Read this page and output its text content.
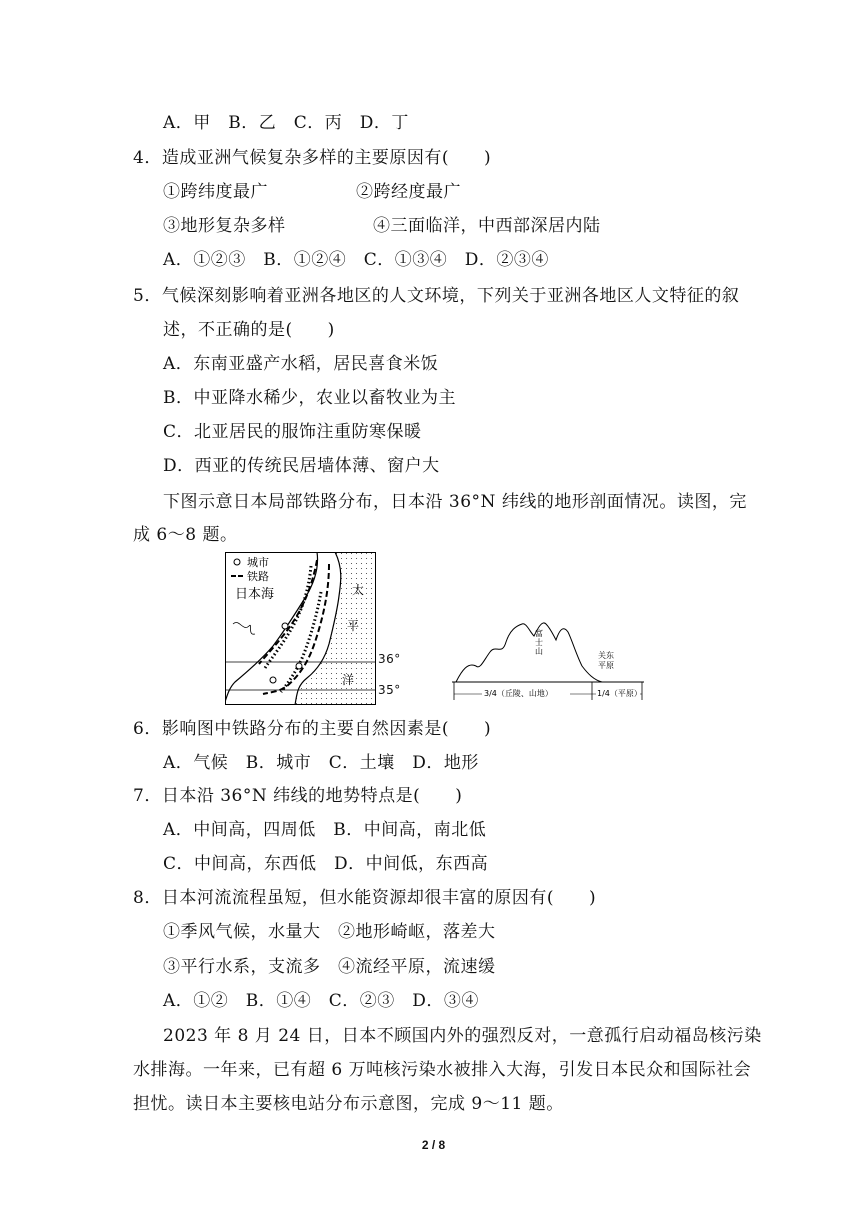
A．甲　B．乙　C．丙　D．丁
4．造成亚洲气候复杂多样的主要原因有(　　)
①跨纬度最广	②跨经度最广
③地形复杂多样	④三面临洋，中西部深居内陆
A．①②③　B．①②④　C．①③④　D．②③④
5．气候深刻影响着亚洲各地区的人文环境，下列关于亚洲各地区人文特征的叙
述，不正确的是(　　)
A．东南亚盛产水稻，居民喜食米饭
B．中亚降水稀少，农业以畜牧业为主
C．北亚居民的服饰注重防寒保暖
D．西亚的传统民居墙体薄、窗户大
下图示意日本局部铁路分布，日本沿 36°N 纬线的地形剖面情况。读图，完
成 6～8 题。
城市
铁路
日本海	太
平
洋
36°
35°
富
士
山	关东
平原
3/4（丘陵、山地）	1/4（平原）
6．影响图中铁路分布的主要自然因素是(　　)
A．气候　B．城市　C．土壤　D．地形
7．日本沿 36°N 纬线的地势特点是(　　)
A．中间高，四周低　B．中间高，南北低
C．中间高，东西低　D．中间低，东西高
8．日本河流流程虽短，但水能资源却很丰富的原因有(　　)
①季风气候，水量大　②地形崎岖，落差大
③平行水系，支流多　④流经平原，流速缓
A．①②　B．①④　C．②③　D．③④
2023 年 8 月 24 日，日本不顾国内外的强烈反对，一意孤行启动福岛核污染
水排海。一年来，已有超 6 万吨核污染水被排入大海，引发日本民众和国际社会
担忧。读日本主要核电站分布示意图，完成 9～11 题。
2 / 8
